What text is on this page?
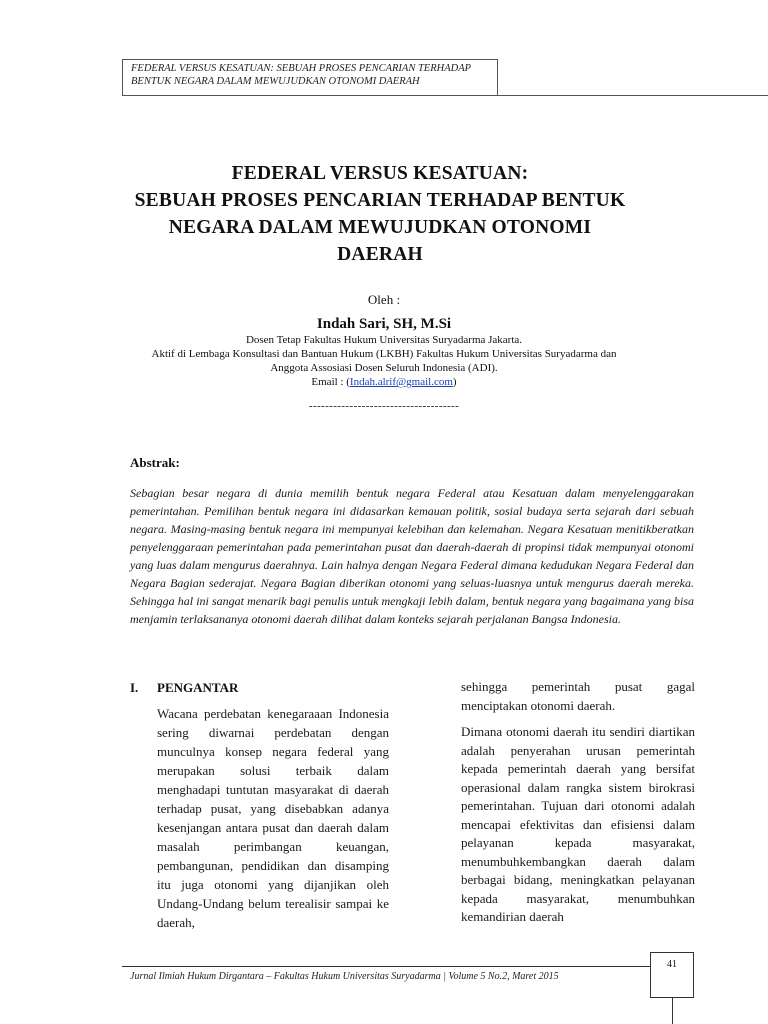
FEDERAL VERSUS KESATUAN: SEBUAH PROSES PENCARIAN TERHADAP
BENTUK NEGARA DALAM MEWUJUDKAN OTONOMI DAERAH
FEDERAL VERSUS KESATUAN:
SEBUAH PROSES PENCARIAN TERHADAP BENTUK
NEGARA DALAM MEWUJUDKAN OTONOMI
DAERAH
Oleh :
Indah Sari, SH, M.Si
Dosen Tetap Fakultas Hukum Universitas Suryadarma Jakarta.
Aktif di Lembaga Konsultasi dan Bantuan Hukum (LKBH) Fakultas Hukum Universitas Suryadarma dan
Anggota Assosiasi Dosen Seluruh Indonesia (ADI).
Email : (Indah.alrif@gmail.com)
-------------------------------------
Abstrak:
Sebagian besar negara di dunia memilih bentuk negara Federal atau Kesatuan dalam menyelenggarakan pemerintahan. Pemilihan bentuk negara ini didasarkan kemauan politik, sosial budaya serta sejarah dari sebuah negara. Masing-masing bentuk negara ini mempunyai kelebihan dan kelemahan. Negara Kesatuan menitikberatkan penyelenggaraan pemerintahan pada pemerintahan pusat dan daerah-daerah di propinsi tidak mempunyai otonomi yang luas dalam mengurus daerahnya. Lain halnya dengan Negara Federal dimana kedudukan Negara Federal dan Negara Bagian sederajat. Negara Bagian diberikan otonomi yang seluas-luasnya untuk mengurus daerah mereka. Sehingga hal ini sangat menarik bagi penulis untuk mengkaji lebih dalam, bentuk negara yang bagaimana yang bisa menjamin terlaksananya otonomi daerah dilihat dalam konteks sejarah perjalanan Bangsa Indonesia.
I. PENGANTAR

Wacana perdebatan kenegaraaan Indonesia sering diwarnai perdebatan dengan munculnya konsep negara federal yang merupakan solusi terbaik dalam menghadapi tuntutan masyarakat di daerah terhadap pusat, yang disebabkan adanya kesenjangan antara pusat dan daerah dalam masalah perimbangan keuangan, pembangunan, pendidikan dan disamping itu juga otonomi yang dijanjikan oleh Undang-Undang belum terealisir sampai ke daerah,

sehingga pemerintah pusat gagal menciptakan otonomi daerah.

Dimana otonomi daerah itu sendiri diartikan adalah penyerahan urusan pemerintah kepada pemerintah daerah yang bersifat operasional dalam rangka sistem birokrasi pemerintahan. Tujuan dari otonomi adalah mencapai efektivitas dan efisiensi dalam pelayanan kepada masyarakat, menumbuhkembangkan daerah dalam berbagai bidang, meningkatkan pelayanan kepada masyarakat, menumbuhkan kemandirian daerah

Jurnal Ilmiah Hukum Dirgantara – Fakultas Hukum Universitas Suryadarma | Volume 5 No.2, Maret 2015
41
